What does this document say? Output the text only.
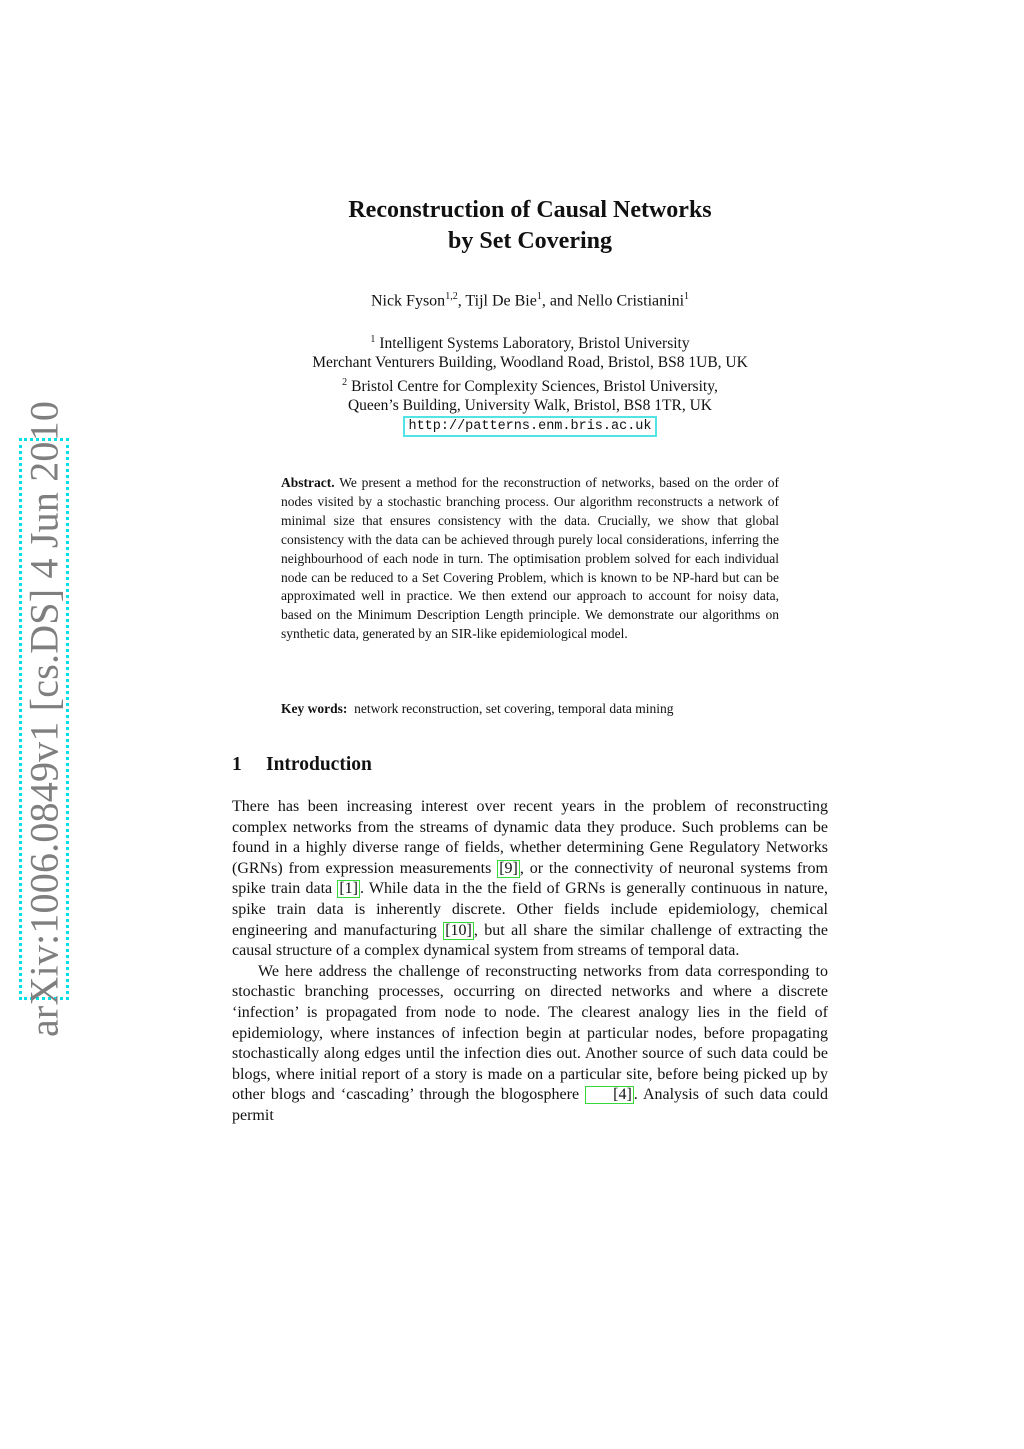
arXiv:1006.0849v1 [cs.DS] 4 Jun 2010
Reconstruction of Causal Networks
by Set Covering
Nick Fyson$^{1,2}$, Tijl De Bie$^1$, and Nello Cristianini$^1$
$^1$ Intelligent Systems Laboratory, Bristol University
Merchant Venturers Building, Woodland Road, Bristol, BS8 1UB, UK
$^2$ Bristol Centre for Complexity Sciences, Bristol University,
Queen’s Building, University Walk, Bristol, BS8 1TR, UK
http://patterns.enm.bris.ac.uk
Abstract. We present a method for the reconstruction of networks, based on the order of nodes visited by a stochastic branching process. Our algorithm reconstructs a network of minimal size that ensures consistency with the data. Crucially, we show that global consistency with the data can be achieved through purely local considerations, inferring the neighbourhood of each node in turn. The optimisation problem solved for each individual node can be reduced to a Set Covering Problem, which is known to be NP-hard but can be approximated well in practice. We then extend our approach to account for noisy data, based on the Minimum Description Length principle. We demonstrate our algorithms on synthetic data, generated by an SIR-like epidemiological model.
Key words: network reconstruction, set covering, temporal data mining
1 Introduction

There has been increasing interest over recent years in the problem of reconstructing complex networks from the streams of dynamic data they produce. Such problems can be found in a highly diverse range of fields, whether determining Gene Regulatory Networks (GRNs) from expression measurements [9] , or the connectivity of neuronal systems from spike train data [1] . While data in the the field of GRNs is generally continuous in nature, spike train data is inherently discrete. Other fields include epidemiology, chemical engineering and manufacturing [10] , but all share the similar challenge of extracting the causal structure of a complex dynamical system from streams of temporal data.

We here address the challenge of reconstructing networks from data corresponding to stochastic branching processes, occurring on directed networks and where a discrete ‘infection’ is propagated from node to node. The clearest analogy lies in the field of epidemiology, where instances of infection begin at particular nodes, before propagating stochastically along edges until the infection dies out. Another source of such data could be blogs, where initial report of a story is made on a particular site, before being picked up by other blogs and ‘cascading’ through the blogosphere [4] . Analysis of such data could permit
